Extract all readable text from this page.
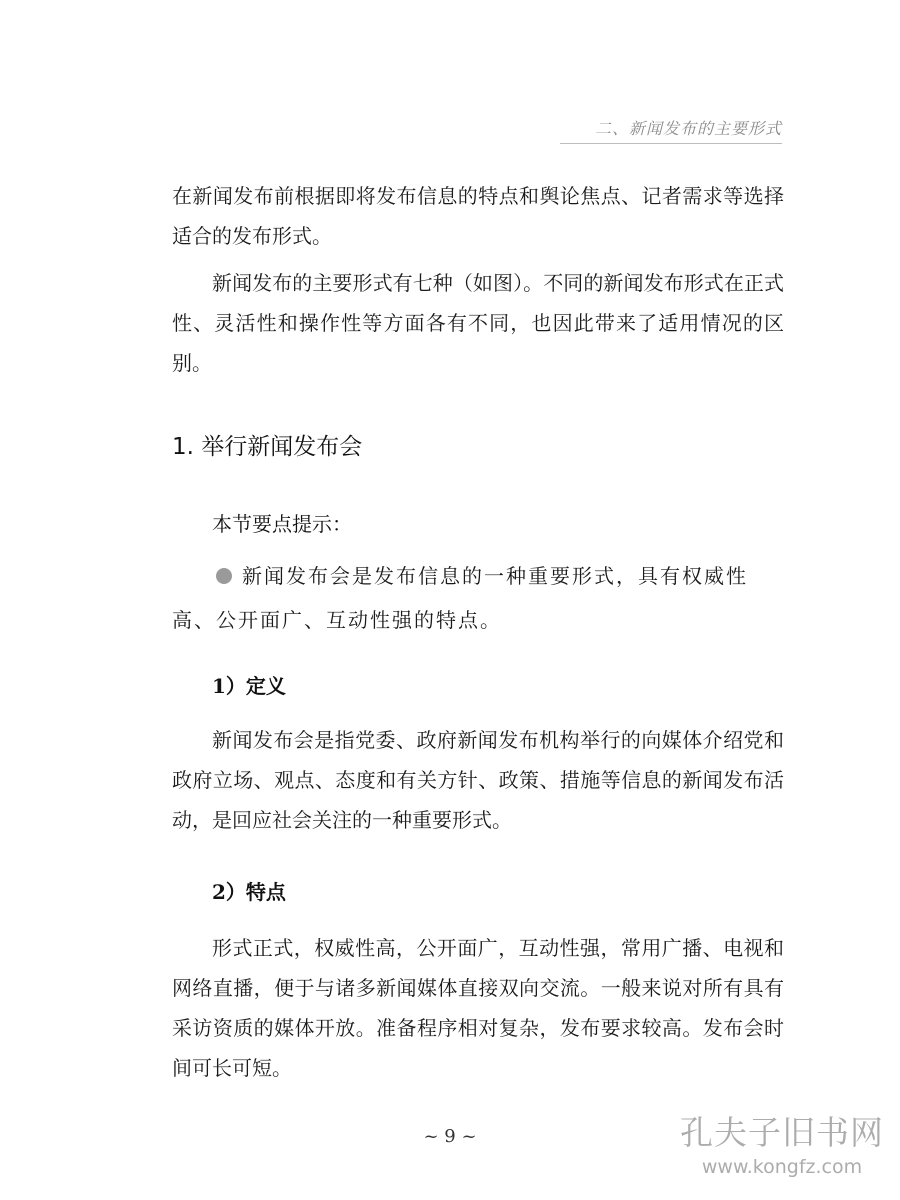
二、新闻发布的主要形式

在新闻发布前根据即将发布信息的特点和舆论焦点、记者需求等选择适合的发布形式。

新闻发布的主要形式有七种（如图）。不同的新闻发布形式在正式性、灵活性和操作性等方面各有不同，也因此带来了适用情况的区别。

1. 举行新闻发布会
本节要点提示：

新闻发布会是发布信息的一种重要形式，具有权威性高、公开面广、互动性强的特点。

1）定义

新闻发布会是指党委、政府新闻发布机构举行的向媒体介绍党和政府立场、观点、态度和有关方针、政策、措施等信息的新闻发布活动，是回应社会关注的一种重要形式。

2）特点

形式正式，权威性高，公开面广，互动性强，常用广播、电视和网络直播，便于与诸多新闻媒体直接双向交流。一般来说对所有具有采访资质的媒体开放。准备程序相对复杂，发布要求较高。发布会时间可长可短。

~ 9 ~	孔夫子旧书网
www.kongfz.com
